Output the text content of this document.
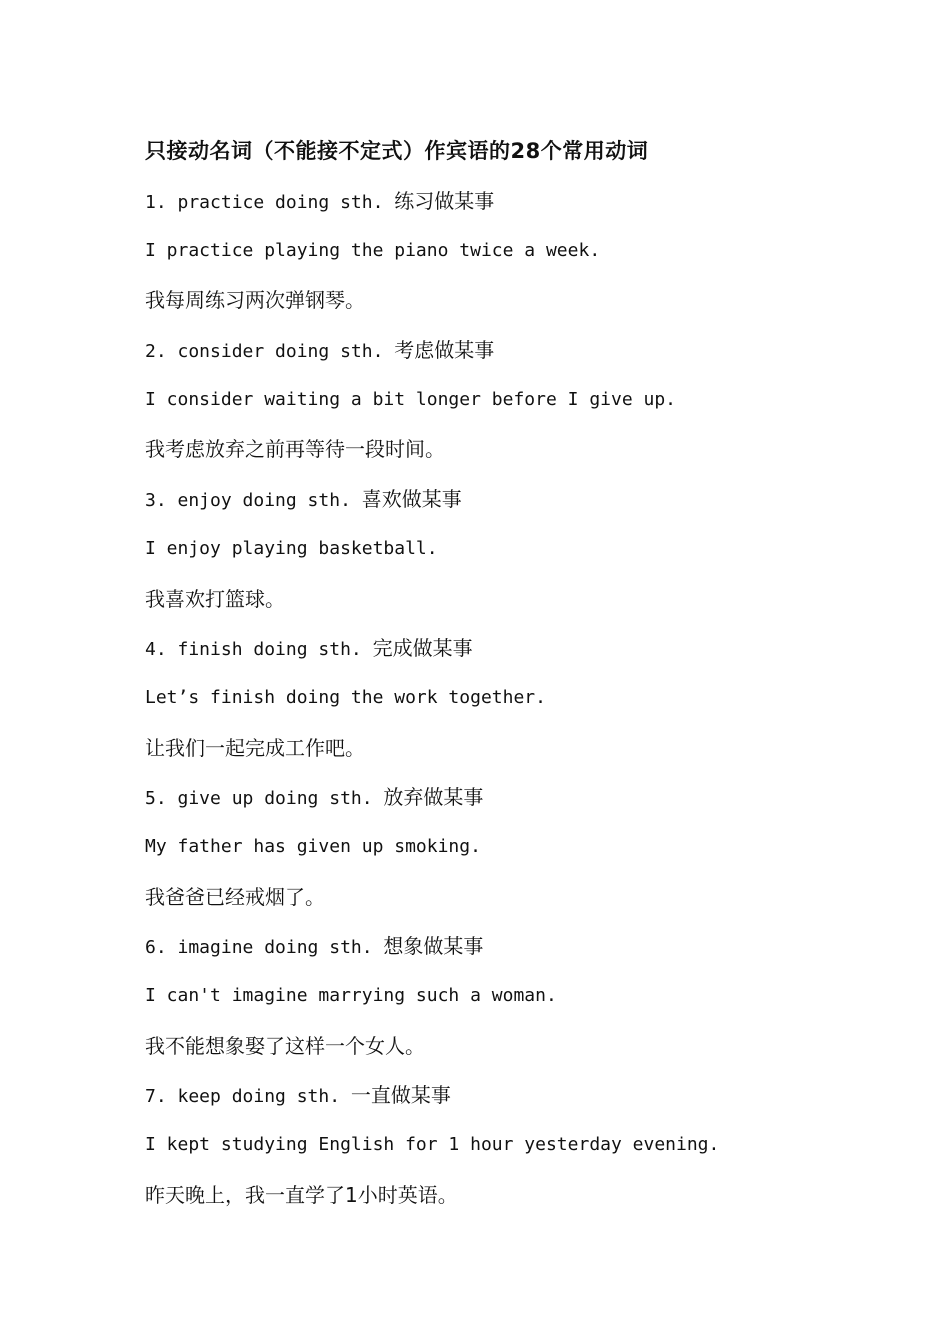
只接动名词（不能接不定式）作宾语的28个常用动词
1. practice doing sth. 练习做某事
I practice playing the piano twice a week.
我每周练习两次弹钢琴。
2. consider doing sth. 考虑做某事
I consider waiting a bit longer before I give up.
我考虑放弃之前再等待一段时间。
3. enjoy doing sth. 喜欢做某事
I enjoy playing basketball.
我喜欢打篮球。
4. finish doing sth. 完成做某事
Let’s finish doing the work together.
让我们一起完成工作吧。
5. give up doing sth. 放弃做某事
My father has given up smoking.
我爸爸已经戒烟了。
6. imagine doing sth. 想象做某事
I can't imagine marrying such a woman.
我不能想象娶了这样一个女人。
7. keep doing sth. 一直做某事
I kept studying English for 1 hour yesterday evening.
昨天晚上，我一直学了1小时英语。
